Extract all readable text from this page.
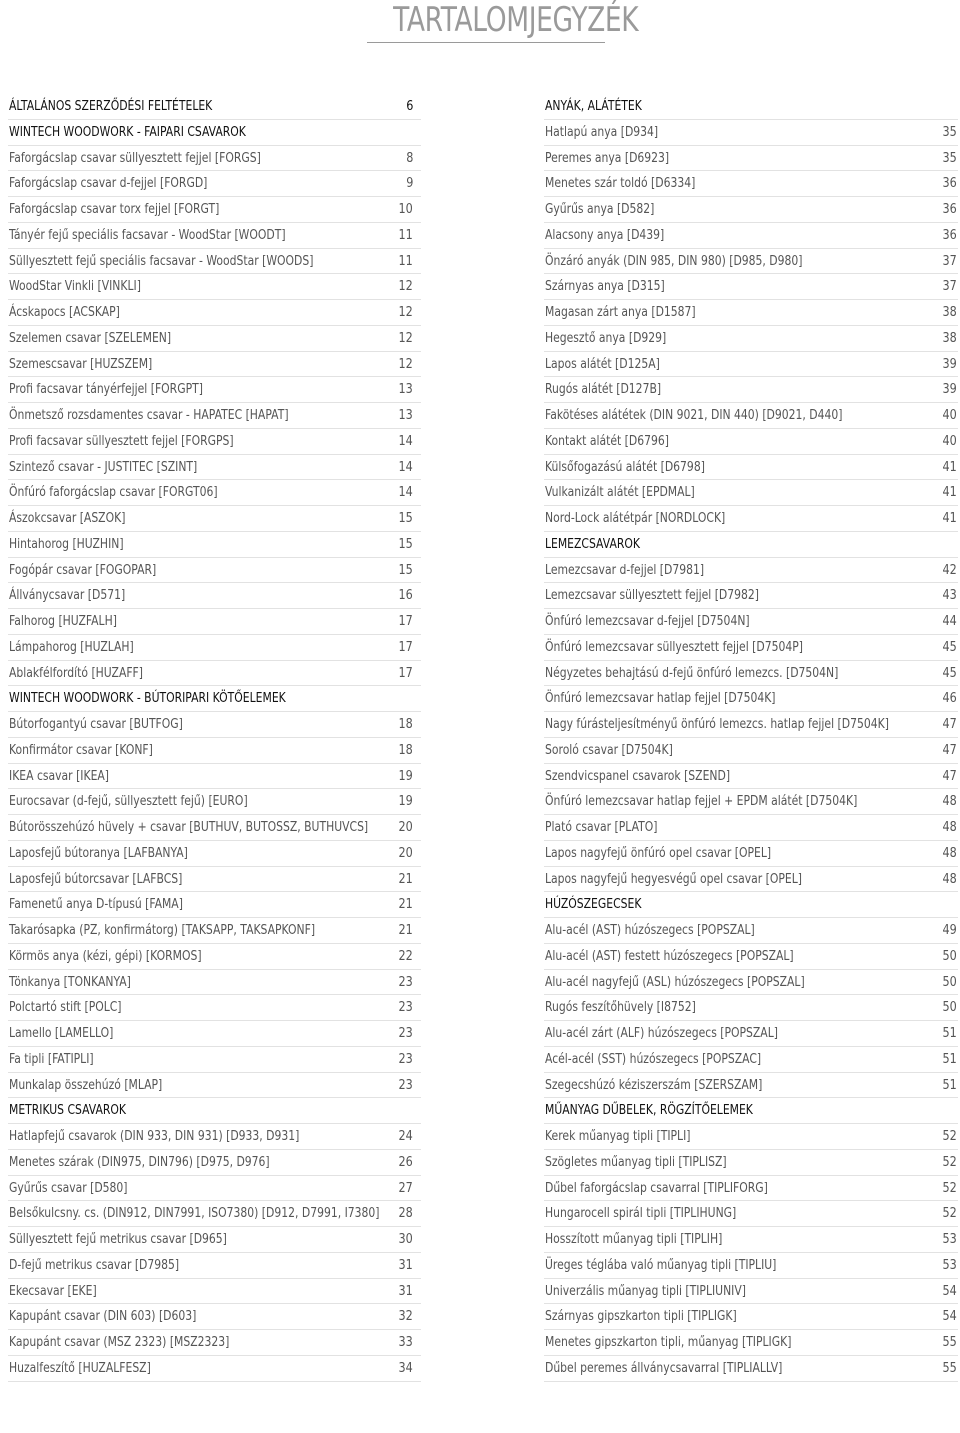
TARTALOMJEGYZÉK
ÁLTALÁNOS SZERZŐDÉSI FELTÉTELEK	6
WINTECH WOODWORK - FAIPARI CSAVAROK
Faforgácslap csavar süllyesztett fejjel [FORGS]	8
Faforgácslap csavar d-fejjel [FORGD]	9
Faforgácslap csavar torx fejjel [FORGT]	10
Tányér fejű speciális facsavar - WoodStar [WOODT]	11
Süllyesztett fejű speciális facsavar - WoodStar [WOODS]	11
WoodStar Vinkli [VINKLI]	12
Ácskapocs [ACSKAP]	12
Szelemen csavar [SZELEMEN]	12
Szemescsavar [HUZSZEM]	12
Profi facsavar tányérfejjel [FORGPT]	13
Önmetsző rozsdamentes csavar - HAPATEC [HAPAT]	13
Profi facsavar süllyesztett fejjel [FORGPS]	14
Szintező csavar - JUSTITEC [SZINT]	14
Önfúró faforgácslap csavar [FORGT06]	14
Ászokcsavar [ASZOK]	15
Hintahorog [HUZHIN]	15
Fogópár csavar [FOGOPAR]	15
Állványcsavar [D571]	16
Falhorog [HUZFALH]	17
Lámpahorog [HUZLAH]	17
Ablakfélfordító [HUZAFF]	17
WINTECH WOODWORK - BÚTORIPARI KÖTŐELEMEK
Bútorfogantyú csavar [BUTFOG]	18
Konfirmátor csavar [KONF]	18
IKEA csavar [IKEA]	19
Eurocsavar (d-fejű, süllyesztett fejű) [EURO]	19
Bútorösszehúzó hüvely + csavar [BUTHUV, BUTOSSZ, BUTHUVCS] 20
Laposfejű bútoranya [LAFBANYA]	20
Laposfejű bútorcsavar [LAFBCS]	21
Famenetű anya D-típusú [FAMA]	21
Takarósapka (PZ, konfirmátorg) [TAKSAPP, TAKSAPKONF]	21
Körmös anya (kézi, gépi) [KORMOS]	22
Tönkanya [TONKANYA]	23
Polctartó stift [POLC]	23
Lamello [LAMELLO]	23
Fa tipli [FATIPLI]	23
Munkalap összehúzó [MLAP]	23
METRIKUS CSAVAROK
Hatlapfejű csavarok (DIN 933, DIN 931) [D933, D931]	24
Menetes szárak (DIN975, DIN796) [D975, D976]	26
Gyűrűs csavar [D580]	27
Belsőkulcsny. cs. (DIN912, DIN7991, ISO7380) [D912, D7991, I7380] 28
Süllyesztett fejű metrikus csavar [D965]	30
D-fejű metrikus csavar [D7985]	31
Ekecsavar [EKE]	31
Kapupánt csavar (DIN 603) [D603]	32
Kapupánt csavar (MSZ 2323) [MSZ2323]	33
Huzalfeszítő [HUZALFESZ]	34
ANYÁK, ALÁTÉTEK
Hatlapú anya [D934]	35
Peremes anya [D6923]	35
Menetes szár toldó [D6334]	36
Gyűrűs anya [D582]	36
Alacsony anya [D439]	36
Önzáró anyák (DIN 985, DIN 980) [D985, D980]	37
Szárnyas anya [D315]	37
Magasan zárt anya [D1587]	38
Hegesztő anya [D929]	38
Lapos alátét [D125A]	39
Rugós alátét [D127B]	39
Fakötéses alátétek (DIN 9021, DIN 440) [D9021, D440]	40
Kontakt alátét [D6796]	40
Külsőfogazású alátét [D6798]	41
Vulkanizált alátét [EPDMAL]	41
Nord-Lock alátétpár [NORDLOCK]	41
LEMEZCSAVAROK
Lemezcsavar d-fejjel [D7981]	42
Lemezcsavar süllyesztett fejjel [D7982]	43
Önfúró lemezcsavar d-fejjel [D7504N]	44
Önfúró lemezcsavar süllyesztett fejjel [D7504P]	45
Négyzetes behajtású d-fejű önfúró lemezcs. [D7504N]	45
Önfúró lemezcsavar hatlap fejjel [D7504K]	46
Nagy fúrásteljesítményű önfúró lemezcs. hatlap fejjel [D7504K]	47
Soroló csavar [D7504K]	47
Szendvicspanel csavarok [SZEND]	47
Önfúró lemezcsavar hatlap fejjel + EPDM alátét [D7504K]	48
Plató csavar [PLATO]	48
Lapos nagyfejű önfúró opel csavar [OPEL]	48
Lapos nagyfejű hegyesvégű opel csavar [OPEL]	48
HÚZÓSZEGECSEK
Alu-acél (AST) húzószegecs [POPSZAL]	49
Alu-acél (AST) festett húzószegecs [POPSZAL]	50
Alu-acél nagyfejű (ASL) húzószegecs [POPSZAL]	50
Rugós feszítőhüvely [I8752]	50
Alu-acél zárt (ALF) húzószegecs [POPSZAL]	51
Acél-acél (SST) húzószegecs [POPSZAC]	51
Szegecshúzó kéziszerszám [SZERSZAM]	51
MŰANYAG DŰBELEK, RÖGZÍTŐELEMEK
Kerek műanyag tipli [TIPLI]	52
Szögletes műanyag tipli [TIPLISZ]	52
Dűbel faforgácslap csavarral [TIPLIFORG]	52
Hungarocell spirál tipli [TIPLIHUNG]	52
Hosszított műanyag tipli [TIPLIH]	53
Üreges téglába való műanyag tipli [TIPLIU]	53
Univerzális műanyag tipli [TIPLIUNIV]	54
Szárnyas gipszkarton tipli [TIPLIGK]	54
Menetes gipszkarton tipli, műanyag [TIPLIGK]	55
Dűbel peremes állványcsavarral [TIPLIALLV]	55
